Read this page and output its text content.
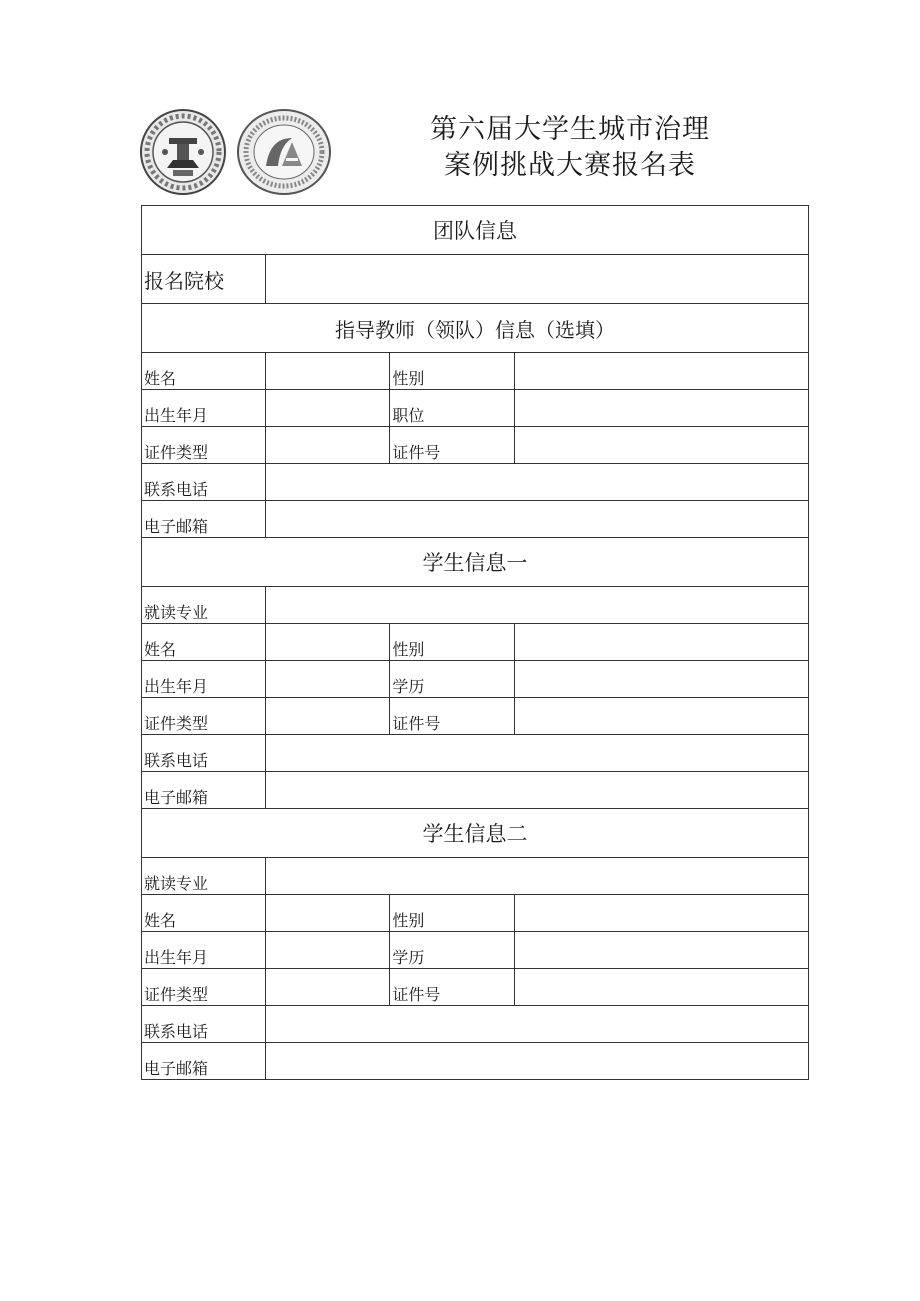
第六届大学生城市治理
案例挑战大赛报名表
团队信息			
报名院校			
指导教师（领队）信息（选填）			
姓名		性别	
出生年月		职位	
证件类型		证件号	
联系电话			
电子邮箱			
学生信息一			
就读专业			
姓名		性别	
出生年月		学历	
证件类型		证件号	
联系电话			
电子邮箱			
学生信息二			
就读专业			
姓名		性别	
出生年月		学历	
证件类型		证件号	
联系电话			
电子邮箱			
